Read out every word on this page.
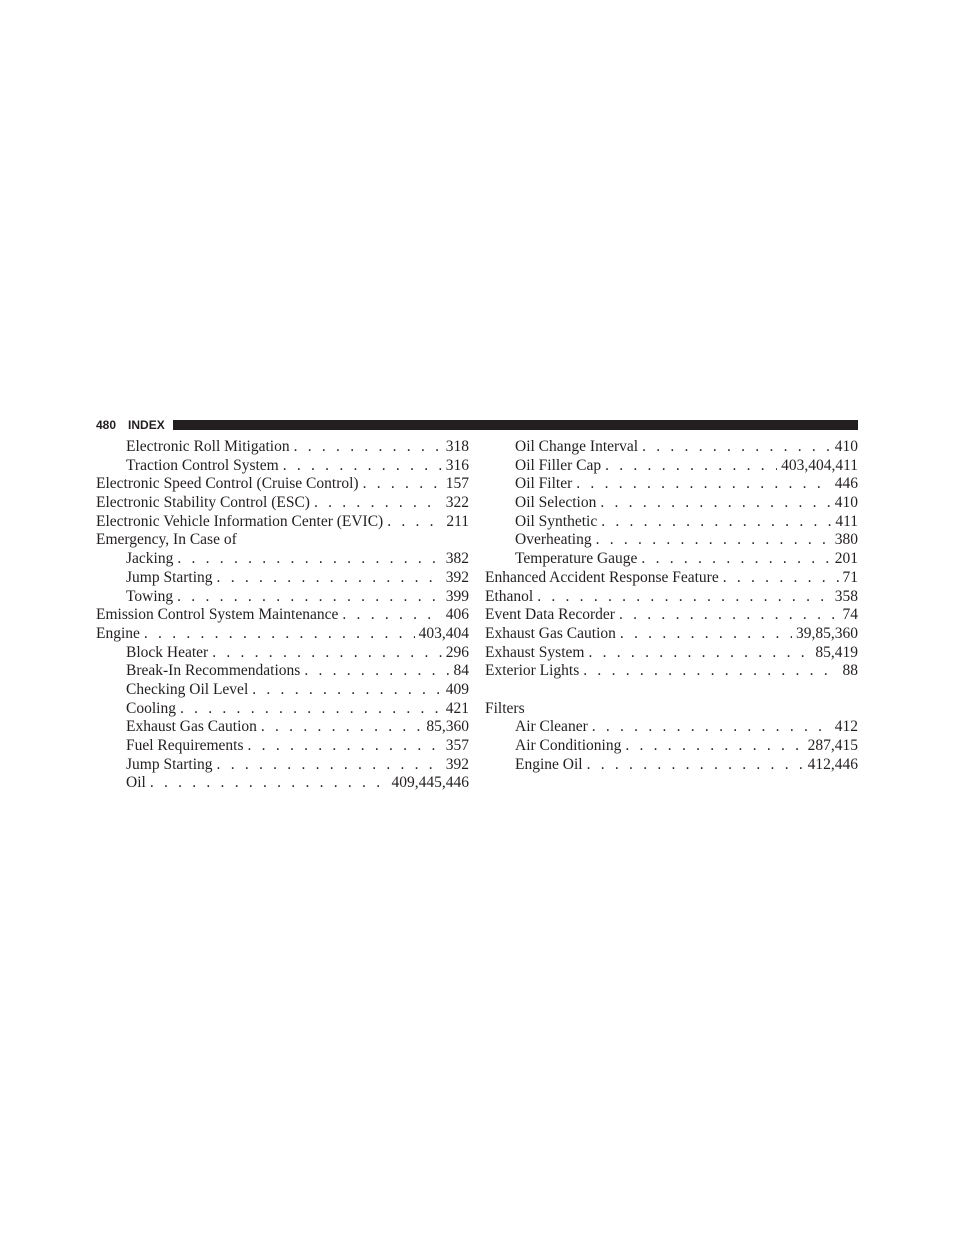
480 INDEX
Electronic Roll Mitigation . . .	318
Traction Control System . . .	316
Electronic Speed Control (Cruise Control) . . .	157
Electronic Stability Control (ESC) . . .	322
Electronic Vehicle Information Center (EVIC) . . .	211
Emergency, In Case of
Jacking . . .	382
Jump Starting . . .	392
Towing . . .	399
Emission Control System Maintenance . . .	406
Engine . . .	403,404
Block Heater . . .	296
Break-In Recommendations . . .	84
Checking Oil Level . . .	409
Cooling . . .	421
Exhaust Gas Caution . . .	85,360
Fuel Requirements . . .	357
Jump Starting . . .	392
Oil . . .	409,445,446
Oil Change Interval . . .	410
Oil Filler Cap . . .	403,404,411
Oil Filter . . .	446
Oil Selection . . .	410
Oil Synthetic . . .	411
Overheating . . .	380
Temperature Gauge . . .	201
Enhanced Accident Response Feature . . .	71
Ethanol . . .	358
Event Data Recorder . . .	74
Exhaust Gas Caution . . .	39,85,360
Exhaust System . . .	85,419
Exterior Lights . . .	88
Filters
Air Cleaner . . .	412
Air Conditioning . . .	287,415
Engine Oil . . .	412,446
